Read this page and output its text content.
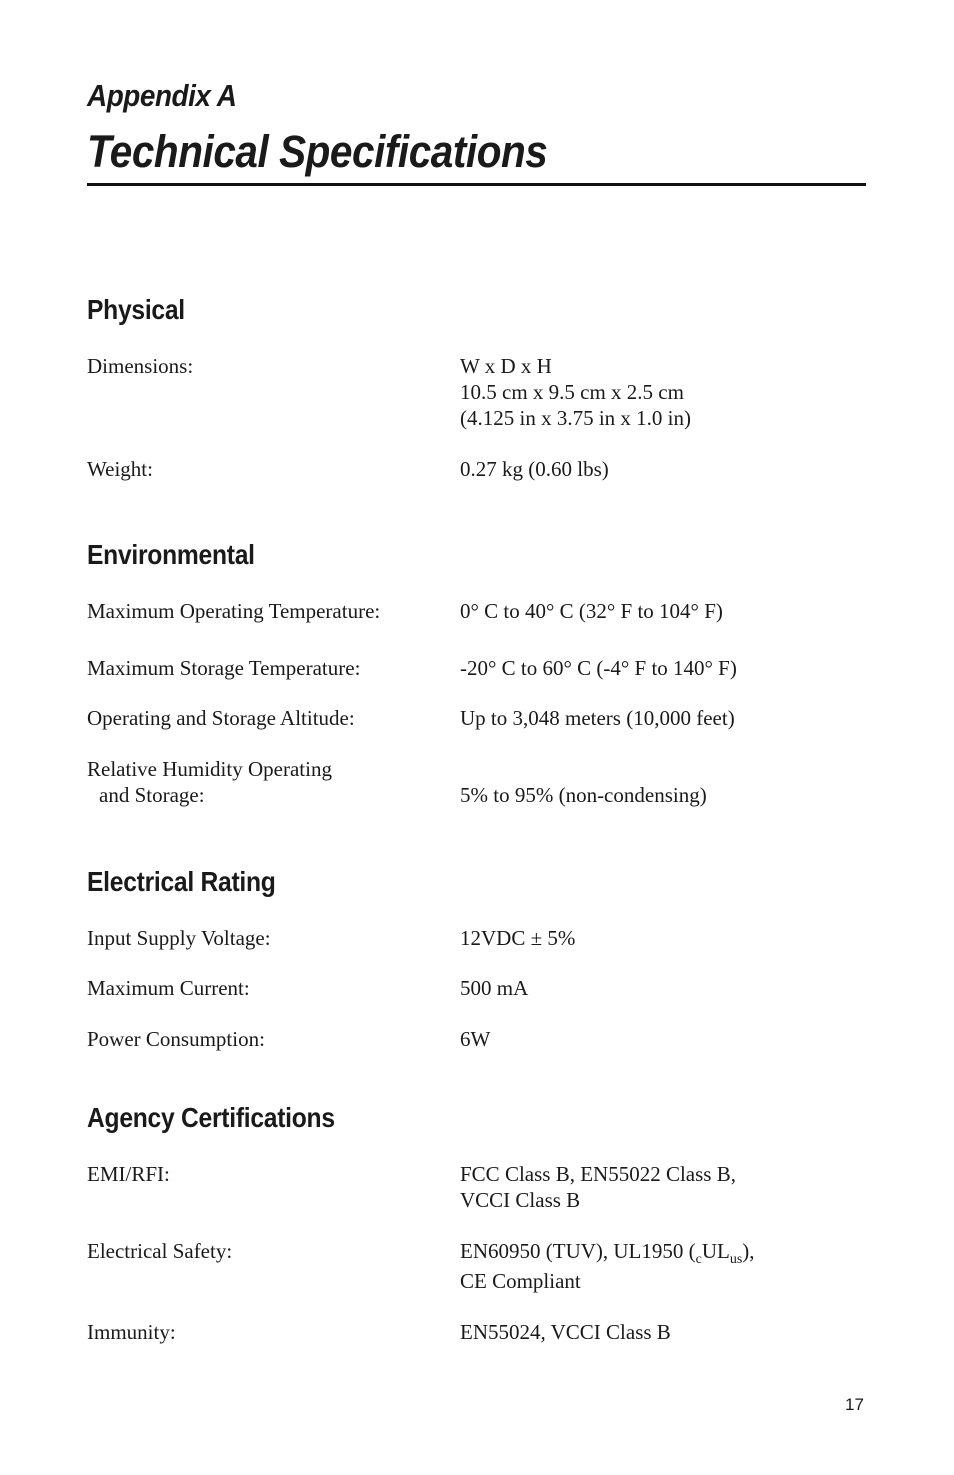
Appendix A
Technical Specifications
Physical

Dimensions:	W x D x H

10.5 cm x 9.5 cm x 2.5 cm

(4.125 in x 3.75 in x 1.0 in)

Weight:	0.27 kg (0.60 lbs)

Environmental

Maximum Operating Temperature:	0° C to 40° C (32° F to 104° F)

Maximum Storage Temperature:	-20° C to 60° C (-4° F to 140° F)

Operating and Storage Altitude:	Up to 3,048 meters (10,000 feet)

Relative Humidity Operating

and Storage:	5% to 95% (non-condensing)

Electrical Rating

Input Supply Voltage:	12VDC ± 5%

Maximum Current:	500 mA

Power Consumption:	6W

Agency Certifications

EMI/RFI:	FCC Class B, EN55022 Class B,

VCCI Class B

Electrical Safety:	EN60950 (TUV), UL1950 $(_cUL_{us})$,

CE Compliant

Immunity:	EN55024, VCCI Class B

17
